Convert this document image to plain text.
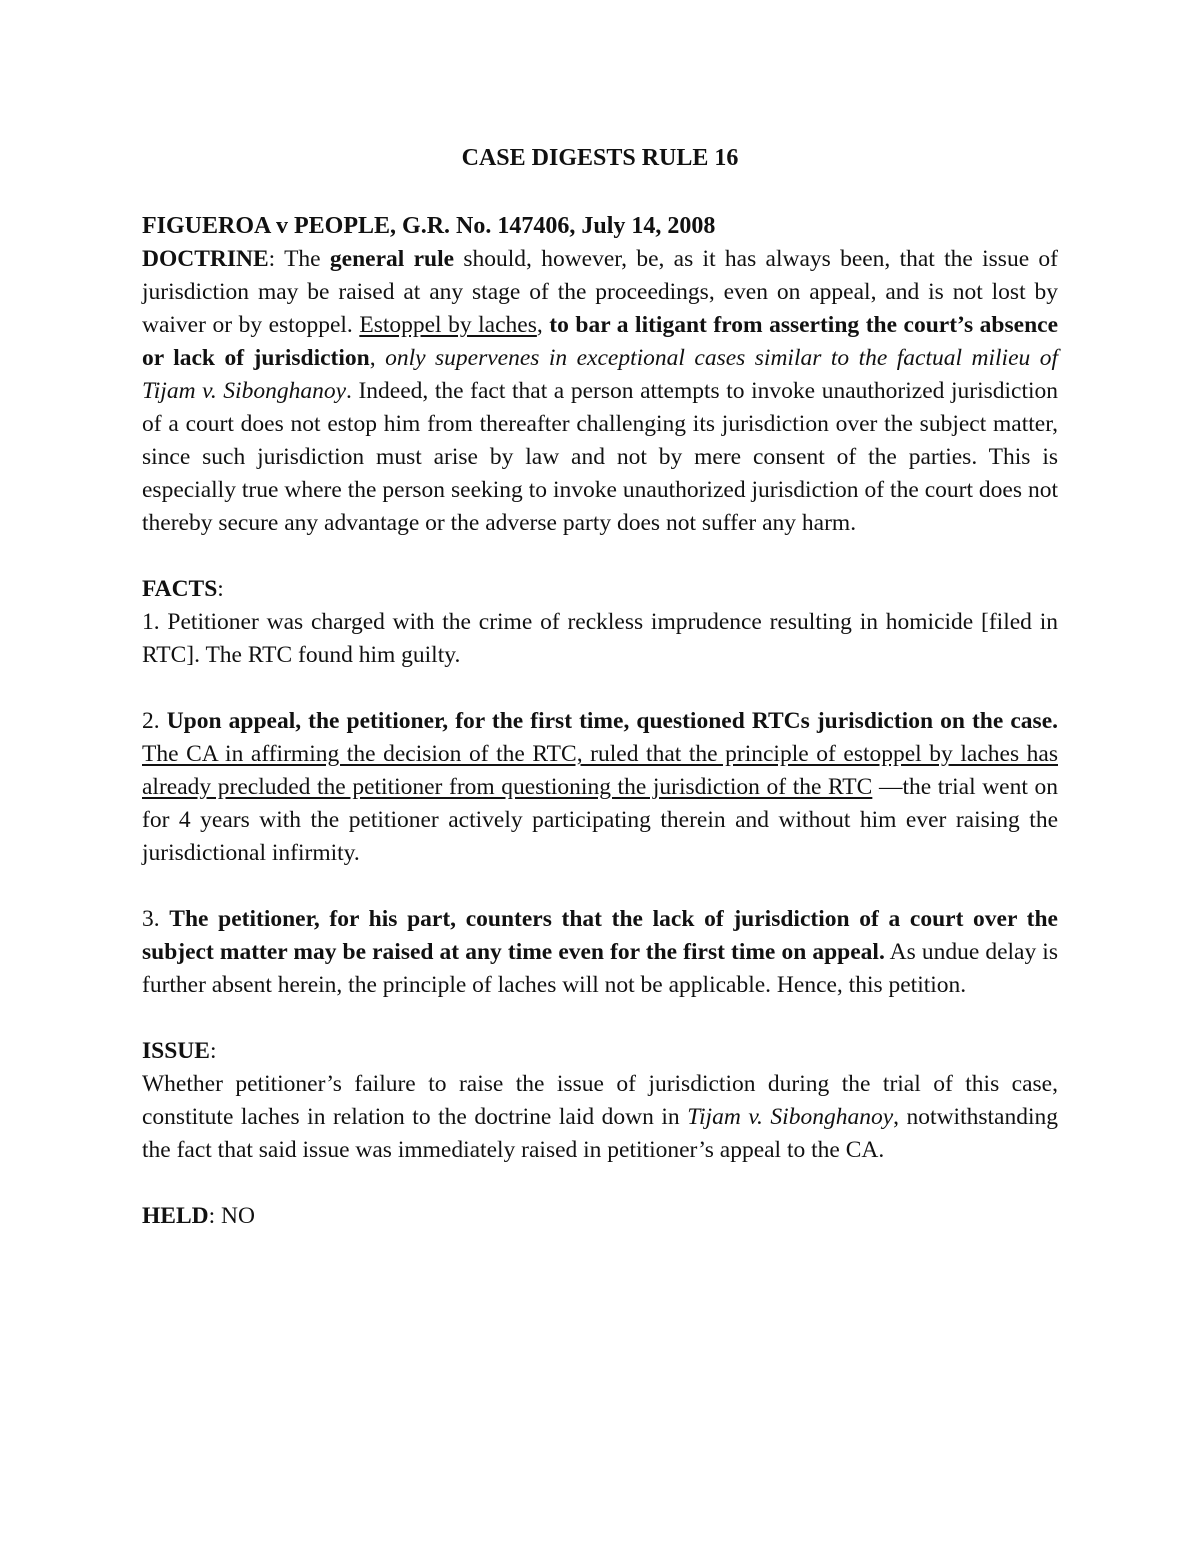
CASE DIGESTS RULE 16
FIGUEROA v PEOPLE, G.R. No. 147406, July 14, 2008

DOCTRINE: The general rule should, however, be, as it has always been, that the issue of jurisdiction may be raised at any stage of the proceedings, even on appeal, and is not lost by waiver or by estoppel. Estoppel by laches, to bar a litigant from asserting the court’s absence or lack of jurisdiction, only supervenes in exceptional cases similar to the factual milieu of Tijam v. Sibonghanoy. Indeed, the fact that a person attempts to invoke unauthorized jurisdiction of a court does not estop him from thereafter challenging its jurisdiction over the subject matter, since such jurisdiction must arise by law and not by mere consent of the parties. This is especially true where the person seeking to invoke unauthorized jurisdiction of the court does not thereby secure any advantage or the adverse party does not suffer any harm.

FACTS:

1. Petitioner was charged with the crime of reckless imprudence resulting in homicide [filed in RTC]. The RTC found him guilty.

2. Upon appeal, the petitioner, for the first time, questioned RTCs jurisdiction on the case. The CA in affirming the decision of the RTC, ruled that the principle of estoppel by laches has already precluded the petitioner from questioning the jurisdiction of the RTC —the trial went on for 4 years with the petitioner actively participating therein and without him ever raising the jurisdictional infirmity.

3. The petitioner, for his part, counters that the lack of jurisdiction of a court over the subject matter may be raised at any time even for the first time on appeal. As undue delay is further absent herein, the principle of laches will not be applicable. Hence, this petition.

ISSUE:

Whether petitioner’s failure to raise the issue of jurisdiction during the trial of this case, constitute laches in relation to the doctrine laid down in Tijam v. Sibonghanoy, notwithstanding the fact that said issue was immediately raised in petitioner’s appeal to the CA.

HELD: NO
